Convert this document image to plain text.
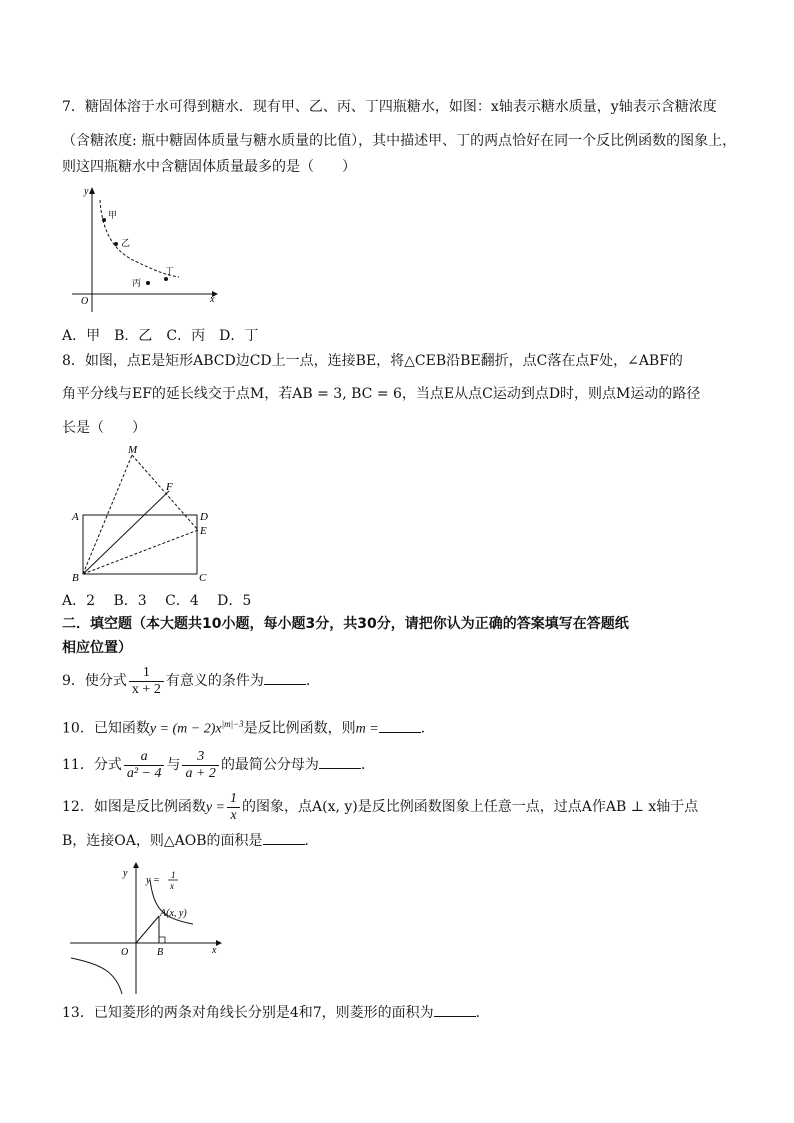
7．糖固体溶于水可得到糖水．现有甲、乙、丙、丁四瓶糖水，如图：x轴表示糖水质量，y轴表示含糖浓度
（含糖浓度: 瓶中糖固体质量与糖水质量的比值），其中描述甲、丁的两点恰好在同一个反比例函数的图象上，
则这四瓶糖水中含糖固体质量最多的是（　　）
y
x
O
甲
乙
丙
丁
A．甲　B．乙　C．丙　D．丁
8．如图，点E是矩形ABCD边CD上一点，连接BE，将△CEB沿BE翻折，点C落在点F处，∠ABF的
角平分线与EF的延长线交于点M，若AB = 3, BC = 6，当点E从点C运动到点D时，则点M运动的路径
长是（　　）
M
F
A	D
E
B	C
A．2　 B．3　 C．4　 D．5
二．填空题（本大题共10小题，每小题3分，共30分，请把你认为正确的答案填写在答题纸
相应位置）
9．使分式 $\frac{1}{x + 2}$ 有意义的条件为	．
10．已知函数$y = (m - 2)x^{|m|-3}$是反比例函数，则m =	．
11．分式 $\frac{a}{\text{a² − 4}}$ 与 $\frac{3}{a + 2}$ 的最简公分母为	．
12．如图是反比例函数$y = \frac{1}{x}$ 的图象，点A(x, y)是反比例函数图象上任意一点，过点A作AB ⊥ x轴于点
B，连接OA，则△AOB的面积是	．
y
x
O
y = 1
x
A(x, y)
B
13．已知菱形的两条对角线长分别是4和7，则菱形的面积为	．
